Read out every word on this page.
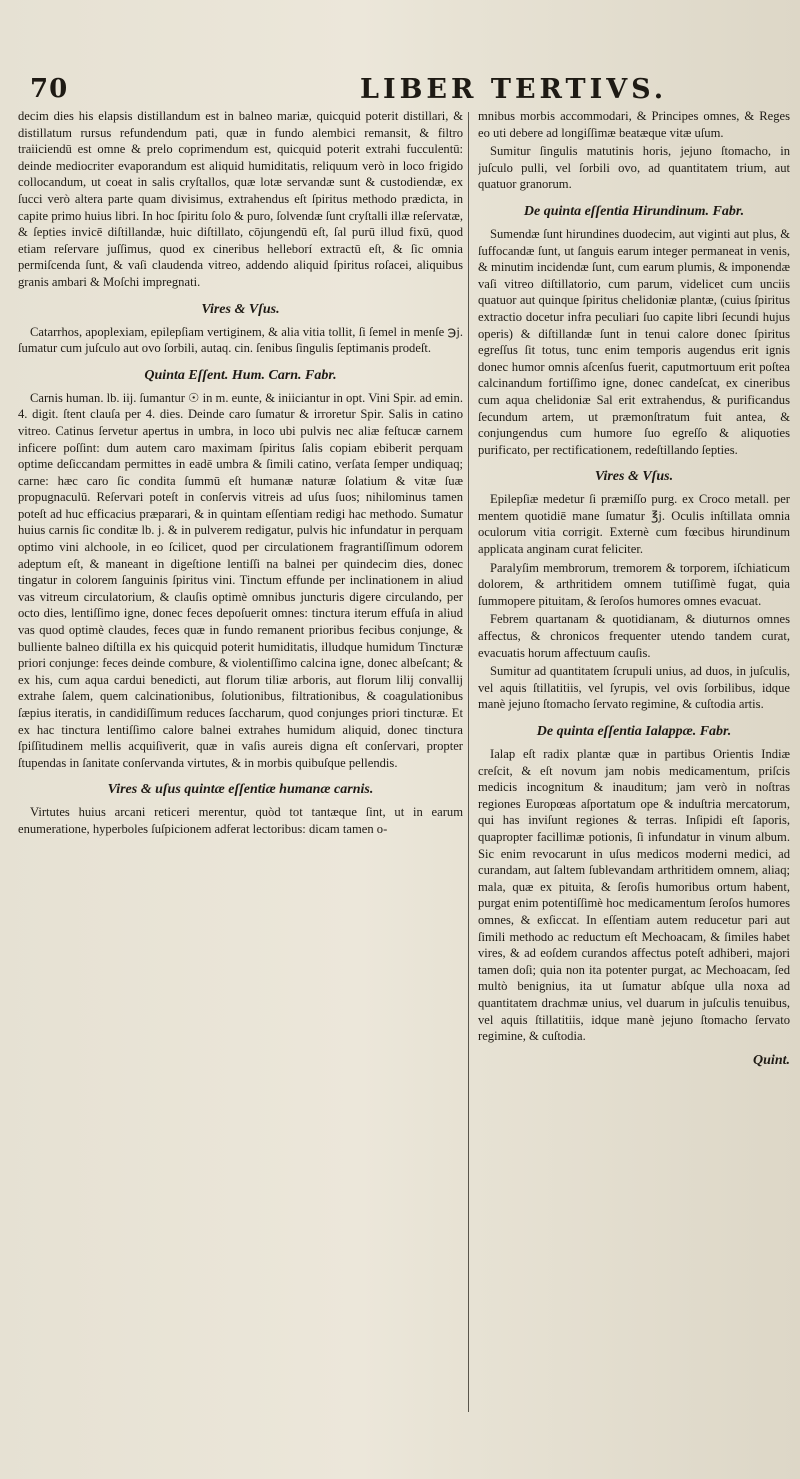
70	LIBER TERTIVS.

decim dies his elapsis distillandum est in balneo mariæ, quicquid poterit distillari, & distillatum rursus refundendum pati, quæ in fundo alembici remansit, & filtro traiiciendū est omne & prelo coprimendum est, quicquid poterit extrahi fucculentū: deinde mediocriter evaporandum est aliquid humiditatis, reliquum verò in loco frigido collocandum, ut coeat in salis cryſtallos, quæ lotæ servandæ sunt & custodiendæ, ex ſucci verò altera parte quam divisimus, extrahendus eſt ſpiritus methodo prædicta, in capite primo huius libri. In hoc ſpiritu ſolo & puro, ſolvendæ ſunt cryſtalli illæ reſervatæ, & ſepties invicē diſtillandæ, huic diſtillato, cōjungendū eſt, ſal purū illud fixū, quod etiam reſervare juſſimus, quod ex cineribus helleborí extractū eſt, & ſic omnia permiſcenda ſunt, & vaſi claudenda vitreo, addendo aliquid ſpiritus roſacei, aliquibus granis ambari & Moſchi impregnati.

Vires & Vſus.

Catarrhos, apoplexiam, epilepſiam vertiginem, & alia vitia tollit, ſi ſemel in menſe ℈j. ſumatur cum juſculo aut ovo ſorbili, autaq. cin. ſenibus ſingulis ſeptimanis prodeſt.

Quinta Eſſent. Hum. Carn. Fabr.

Carnis human. lb. iij. ſumantur ☉ in m. eunte, & iniiciantur in opt. Vini Spir. ad emin. 4. digit. ſtent clauſa per 4. dies. Deinde caro ſumatur & irroretur Spir. Salis in catino vitreo. Catinus ſervetur apertus in umbra, in loco ubi pulvis nec aliæ feſtucæ carnem inficere poſſint: dum autem caro maximam ſpiritus ſalis copiam ebiberit perquam optime deſiccandam permittes in eadē umbra & ſimili catino, verſata ſemper undiquaq; carne: hæc caro ſic condita ſummū eſt humanæ naturæ ſolatium & vitæ ſuæ propugnaculū. Reſervari poteſt in conſervis vitreis ad uſus ſuos; nihilominus tamen poteſt ad huc efficacius præparari, & in quintam eſſentiam redigi hac methodo. Sumatur huius carnis ſic conditæ lb. j. & in pulverem redigatur, pulvis hic infundatur in perquam optimo vini alchoole, in eo ſcilicet, quod per circulationem fragrantiſſimum odorem adeptum eſt, & maneant in digeſtione lentiſſi na balnei per quindecim dies, donec tingatur in colorem ſanguinis ſpiritus vini. Tinctum effunde per inclinationem in aliud vas vitreum circulatorium, & clauſis optimè omnibus juncturis digere circulando, per octo dies, lentiſſimo igne, donec feces depoſuerit omnes: tinctura iterum effuſa in aliud vas quod optimè claudes, feces quæ in fundo remanent prioribus fecibus conjunge, & bulliente balneo diſtilla ex his quicquid poterit humiditatis, illudque humidum Tincturæ priori conjunge: feces deinde combure, & violentiſſimo calcina igne, donec albeſcant; & ex his, cum aqua cardui benedicti, aut florum tiliæ arboris, aut florum lilij convallij extrahe ſalem, quem calcinationibus, ſolutionibus, filtrationibus, & coagulationibus ſæpius iteratis, in candidiſſimum reduces ſaccharum, quod conjunges priori tincturæ. Et ex hac tinctura lentiſſimo calore balnei extrahes humidum aliquid, donec tinctura ſpiſſitudinem mellis acquiſiverit, quæ in vaſis aureis digna eſt conſervari, propter ſtupendas in ſanitate conſervanda virtutes, & in morbis quibuſque pellendis.

Vires & uſus quintæ eſſentiæ humanæ carnis.

Virtutes huius arcani reticeri merentur, quòd tot tantæque ſint, ut in earum enumeratione, hyperboles ſuſpicionem adferat lectoribus: dicam tamen o-

mnibus morbis accommodari, & Principes omnes, & Reges eo uti debere ad longiſſimæ beatæque vitæ uſum.

Sumitur ſingulis matutinis horis, jejuno ſtomacho, in juſculo pulli, vel ſorbili ovo, ad quantitatem trium, aut quatuor granorum.

De quinta eſſentia Hirundinum. Fabr.

Sumendæ ſunt hirundines duodecim, aut viginti aut plus, & ſuffocandæ ſunt, ut ſanguis earum integer permaneat in venis, & minutim incidendæ ſunt, cum earum plumis, & imponendæ vaſi vitreo diſtillatorio, cum parum, videlicet cum unciis quatuor aut quinque ſpiritus chelidoniæ plantæ, (cuius ſpiritus extractio docetur infra peculiari ſuo capite libri ſecundi hujus operis) & diſtillandæ ſunt in tenui calore donec ſpiritus egreſſus ſit totus, tunc enim temporis augendus erit ignis donec humor omnis aſcenſus fuerit, caputmortuum erit poſtea calcinandum fortiſſimo igne, donec candeſcat, ex cineribus cum aqua chelidoniæ Sal erit extrahendus, & purificandus ſecundum artem, ut præmonſtratum fuit antea, & conjungendus cum humore ſuo egreſſo & aliquoties purificato, per rectificationem, redeſtillando ſepties.

Vires & Vſus.

Epilepſiæ medetur ſi præmiſſo purg. ex Croco metall. per mentem quotidiē mane ſumatur ℥j. Oculis inſtillata omnia oculorum vitia corrigit. Externè cum fœcibus hirundinum applicata anginam curat feliciter.

Paralyſim membrorum, tremorem & torporem, iſchiaticum dolorem, & arthritidem omnem tutiſſimè fugat, quia ſummopere pituitam, & ſeroſos humores omnes evacuat.

Febrem quartanam & quotidianam, & diuturnos omnes affectus, & chronicos frequenter utendo tandem curat, evacuatis horum affectuum cauſis.

Sumitur ad quantitatem ſcrupuli unius, ad duos, in juſculis, vel aquis ſtillatitiis, vel ſyrupis, vel ovis ſorbilibus, idque manè jejuno ſtomacho ſervato regimine, & cuſtodia artis.

De quinta eſſentia Ialappæ. Fabr.

Ialap eſt radix plantæ quæ in partibus Orientis Indiæ creſcit, & eſt novum jam nobis medicamentum, priſcis medicis incognitum & inauditum; jam verò in noſtras regiones Europœas aſportatum ope & induſtria mercatorum, qui has inviſunt regiones & terras. Inſipidi eſt ſaporis, quapropter facillimæ potionis, ſi infundatur in vinum album. Sic enim revocarunt in uſus medicos moderni medici, ad curandam, aut ſaltem ſublevandam arthritidem omnem, aliaq; mala, quæ ex pituita, & ſeroſis humoribus ortum habent, purgat enim potentiſſimè hoc medicamentum ſeroſos humores omnes, & exſiccat. In eſſentiam autem reducetur pari aut ſimili methodo ac reductum eſt Mechoacam, & ſimiles habet vires, & ad eoſdem curandos affectus poteſt adhiberi, majori tamen doſi; quia non ita potenter purgat, ac Mechoacam, ſed multò benignius, ita ut ſumatur abſque ulla noxa ad quantitatem drachmæ unius, vel duarum in juſculis tenuibus, vel aquis ſtillatitiis, idque manè jejuno ſtomacho ſervato regimine, & cuſtodia.

Quint.
